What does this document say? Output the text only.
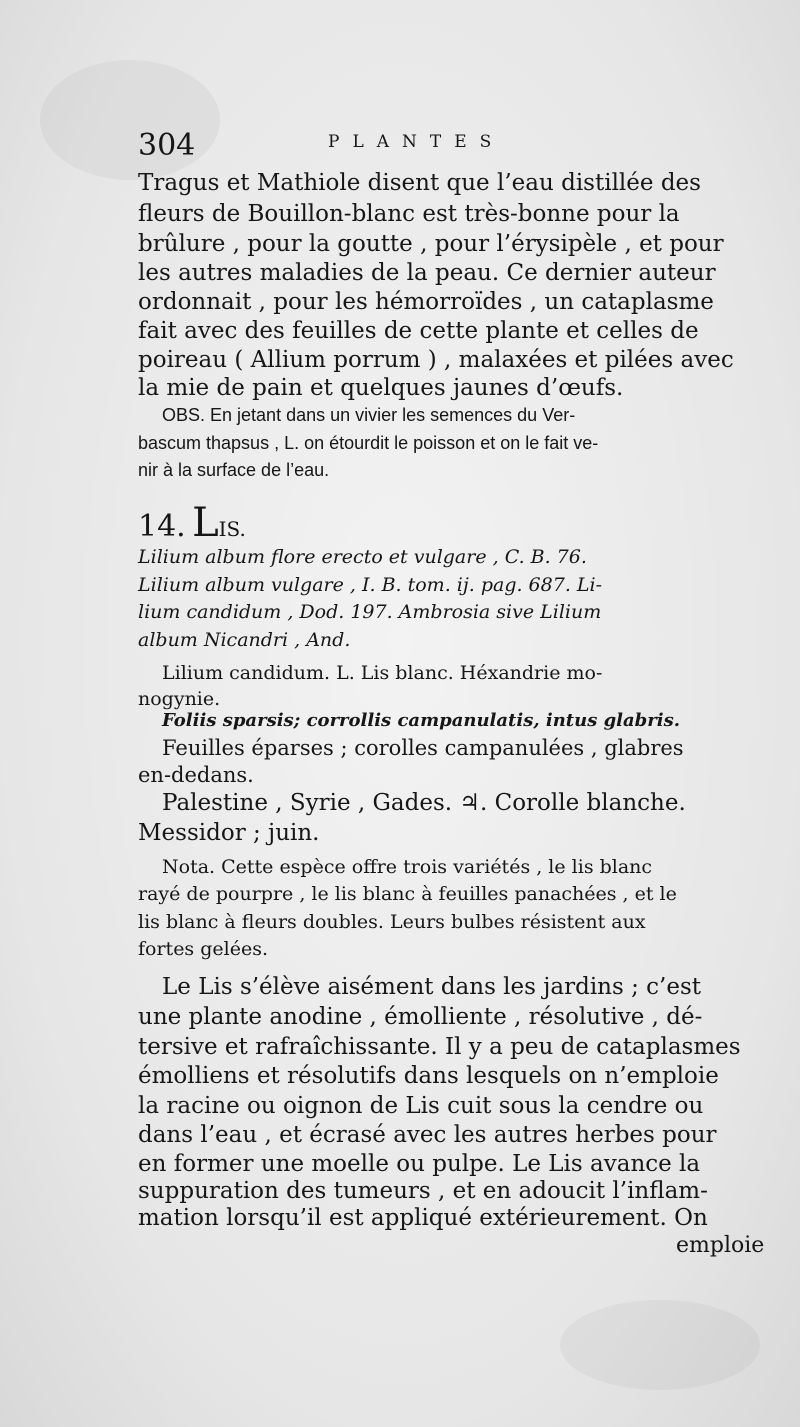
304	PLANTES
Tragus et Mathiole disent que l’eau distillée des
fleurs de Bouillon-blanc est très-bonne pour la
brûlure , pour la goutte , pour l’érysipèle , et pour
les autres maladies de la peau. Ce dernier auteur
ordonnait , pour les hémorroïdes , un cataplasme
fait avec des feuilles de cette plante et celles de
poireau ( Allium porrum ) , malaxées et pilées avec
la mie de pain et quelques jaunes d’œufs.
OBS. En jetant dans un vivier les semences du Ver-
bascum thapsus , L. on étourdit le poisson et on le fait ve-
nir à la surface de l’eau.
Lilium album flore erecto et vulgare , C. B. 76.
Lilium album vulgare , I. B. tom. ij. pag. 687. Li-
lium candidum , Dod. 197. Ambrosia sive Lilium
album Nicandri , And.
Lilium candidum. L. Lis blanc. Héxandrie mo-
nogynie.
Foliis sparsis; corrollis campanulatis, intus glabris.
Feuilles éparses ; corolles campanulées , glabres
en-dedans.
Palestine , Syrie , Gades. ♃. Corolle blanche.
Messidor ; juin.
Nota. Cette espèce offre trois variétés , le lis blanc
rayé de pourpre , le lis blanc à feuilles panachées , et le
lis blanc à fleurs doubles. Leurs bulbes résistent aux
fortes gelées.
Le Lis s’élève aisément dans les jardins ; c’est
une plante anodine , émolliente , résolutive , dé-
tersive et rafraîchissante. Il y a peu de cataplasmes
émolliens et résolutifs dans lesquels on n’emploie
la racine ou oignon de Lis cuit sous la cendre ou
dans l’eau , et écrasé avec les autres herbes pour
en former une moelle ou pulpe. Le Lis avance la
suppuration des tumeurs , et en adoucit l’inflam-
mation lorsqu’il est appliqué extérieurement. On
14. LIS.
emploie
